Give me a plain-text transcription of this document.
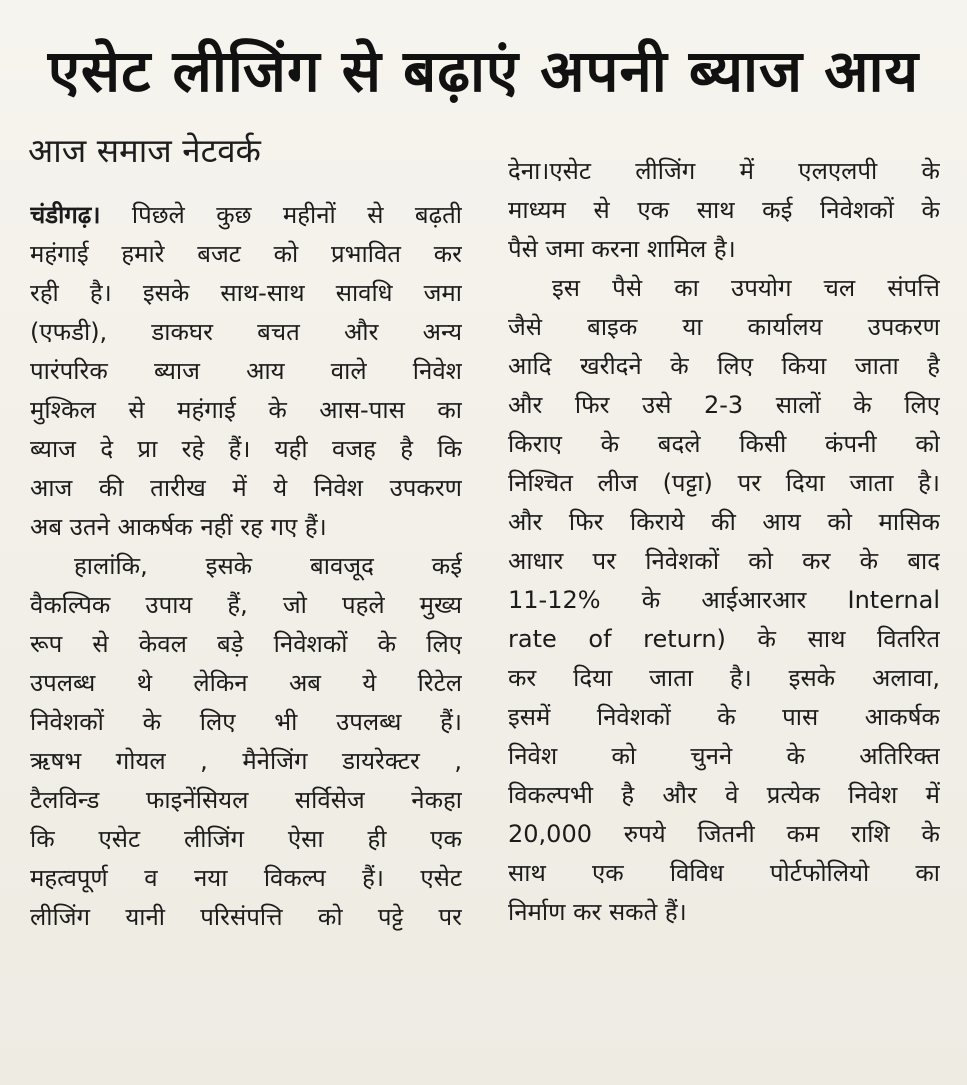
एसेट लीजिंग से बढ़ाएं अपनी ब्याज आय
आज समाज नेटवर्क
चंडीगढ़। पिछले कुछ महीनों से बढ़ती
महंगाई हमारे बजट को प्रभावित कर
रही है। इसके साथ-साथ सावधि जमा
(एफडी), डाकघर बचत और अन्य
पारंपरिक ब्याज आय वाले निवेश
मुश्किल से महंगाई के आस-पास का
ब्याज दे प्रा रहे हैं। यही वजह है कि
आज की तारीख में ये निवेश उपकरण
अब उतने आकर्षक नहीं रह गए हैं।
हालांकि, इसके बावजूद कई
वैकल्पिक उपाय हैं, जो पहले मुख्य
रूप से केवल बड़े निवेशकों के लिए
उपलब्ध थे लेकिन अब ये रिटेल
निवेशकों के लिए भी उपलब्ध हैं।
ऋषभ गोयल , मैनेजिंग डायरेक्टर ,
टैलविन्ड फाइनेंसियल सर्विसेज नेकहा
कि एसेट लीजिंग ऐसा ही एक
महत्वपूर्ण व नया विकल्प हैं। एसेट
लीजिंग यानी परिसंपत्ति को पट्टे पर
देना।एसेट लीजिंग में एलएलपी के
माध्यम से एक साथ कई निवेशकों के
पैसे जमा करना शामिल है।
इस पैसे का उपयोग चल संपत्ति
जैसे बाइक या कार्यालय उपकरण
आदि खरीदने के लिए किया जाता है
और फिर उसे 2-3 सालों के लिए
किराए के बदले किसी कंपनी को
निश्चित लीज (पट्टा) पर दिया जाता है।
और फिर किराये की आय को मासिक
आधार पर निवेशकों को कर के बाद
11-12% के आईआरआर Internal
rate of return) के साथ वितरित
कर दिया जाता है। इसके अलावा,
इसमें निवेशकों के पास आकर्षक
निवेश को चुनने के अतिरिक्त
विकल्पभी है और वे प्रत्येक निवेश में
20,000 रुपये जितनी कम राशि के
साथ एक विविध पोर्टफोलियो का
निर्माण कर सकते हैं।
